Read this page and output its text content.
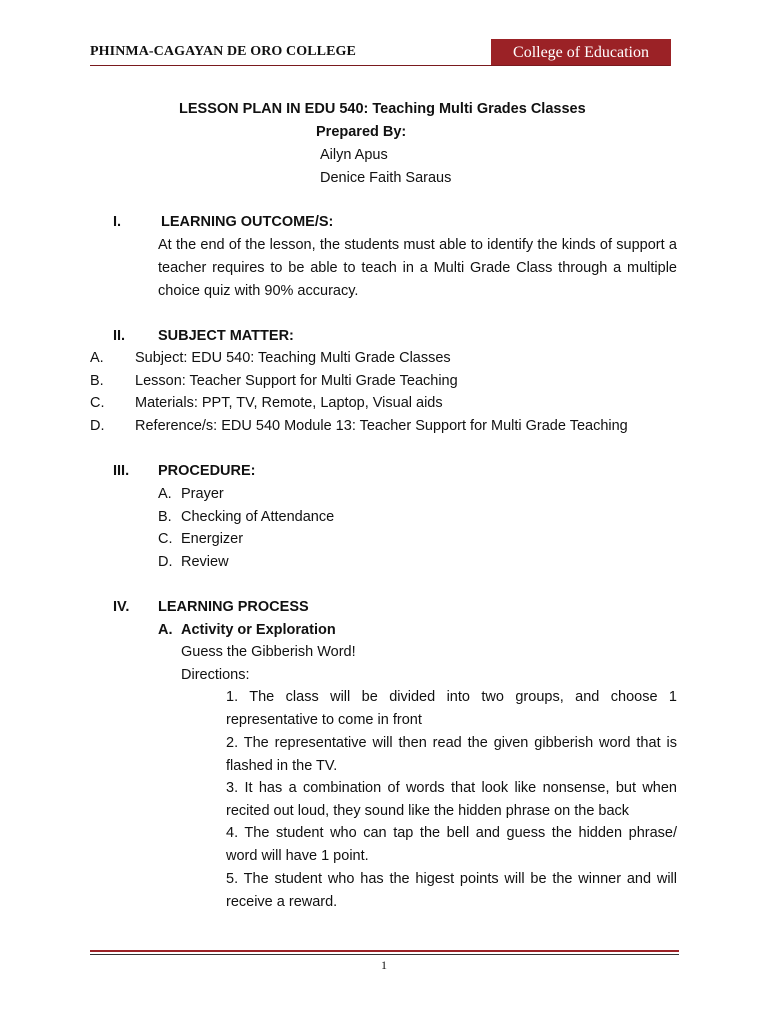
PHINMA-CAGAYAN DE ORO COLLEGE	College of Education
LESSON PLAN IN EDU 540: Teaching Multi Grades Classes
Prepared By:
Ailyn Apus
Denice Faith Saraus
I.	LEARNING OUTCOME/S:
At the end of the lesson, the students must able to identify the kinds of support a teacher requires to be able to teach in a Multi Grade Class through a multiple choice quiz with 90% accuracy.
II. SUBJECT MATTER:
A. Subject: EDU 540: Teaching Multi Grade Classes
B. Lesson: Teacher Support for Multi Grade Teaching
C. Materials: PPT, TV, Remote, Laptop, Visual aids
D. Reference/s: EDU 540 Module 13: Teacher Support for Multi Grade Teaching
III. PROCEDURE:
A. Prayer
B. Checking of Attendance
C. Energizer
D. Review
IV. LEARNING PROCESS
A. Activity or Exploration
Guess the Gibberish Word!
Directions:
1. The class will be divided into two groups, and choose 1 representative to come in front
2. The representative will then read the given gibberish word that is flashed in the TV.
3. It has a combination of words that look like nonsense, but when recited out loud, they sound like the hidden phrase on the back
4. The student who can tap the bell and guess the hidden phrase/ word will have 1 point.
5. The student who has the higest points will be the winner and will receive a reward.
1
